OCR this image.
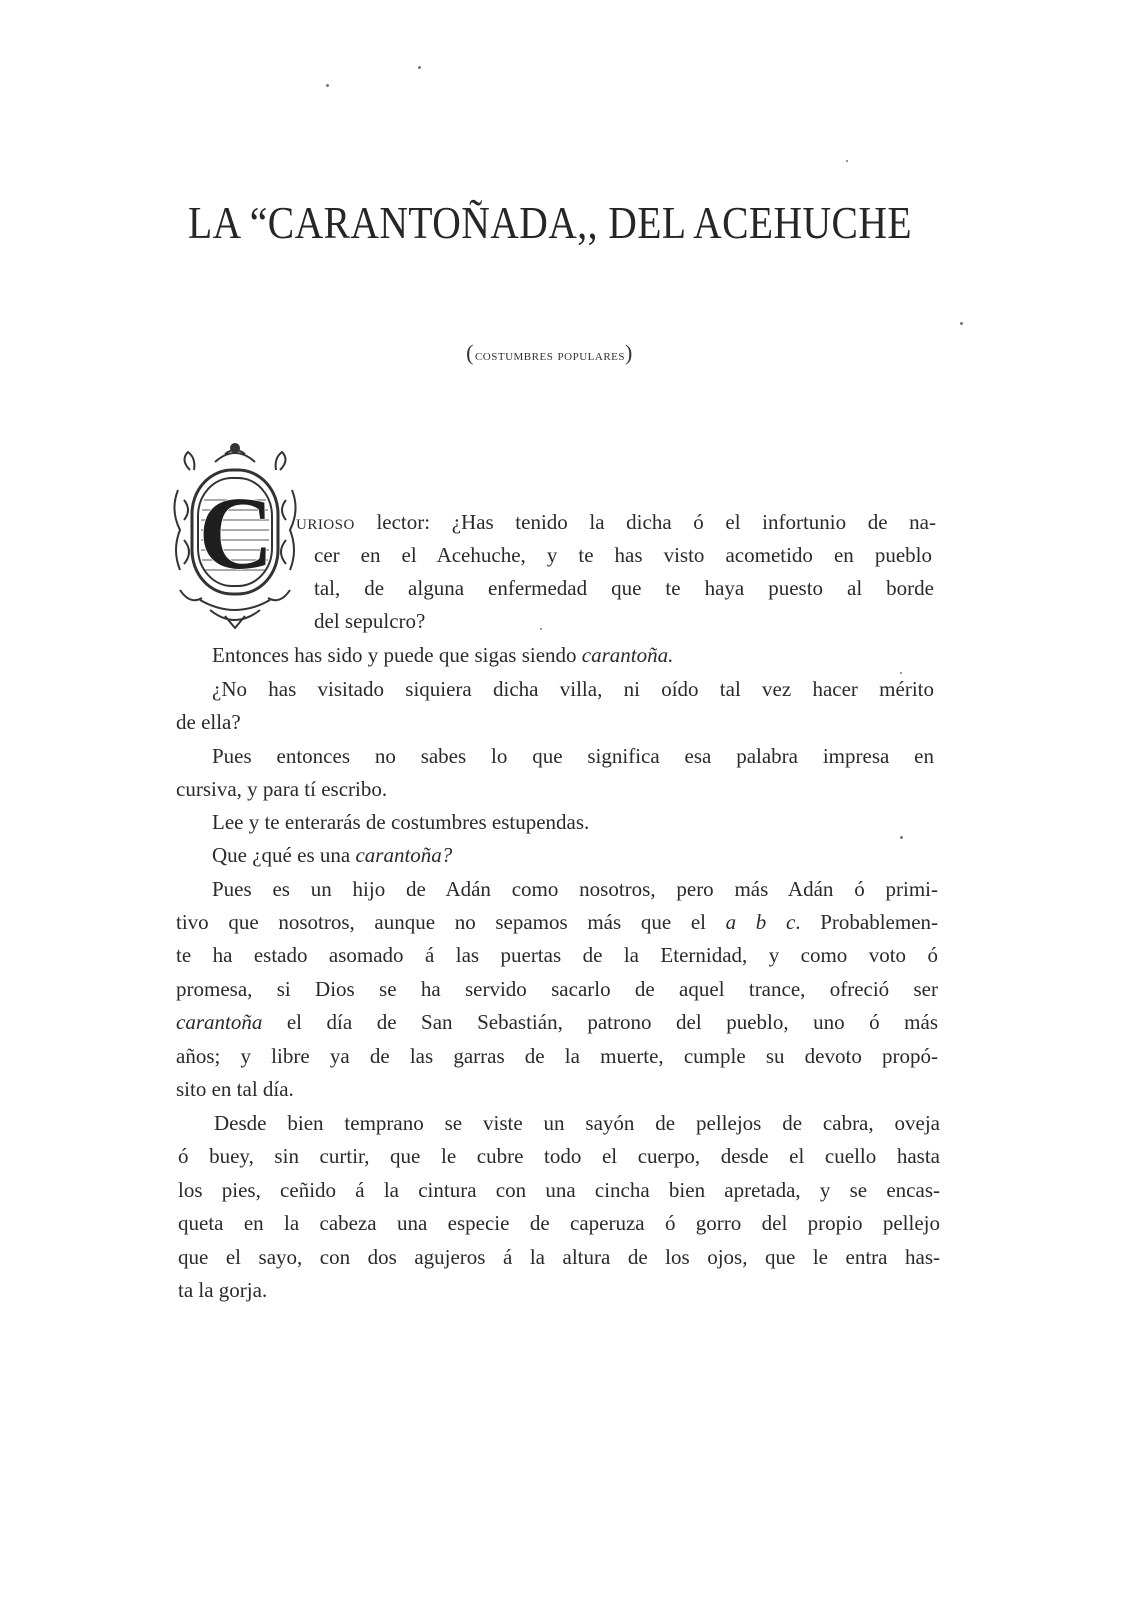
LA “CARANTOÑADA,, DEL ACEHUCHE
(costumbres populares)
C urioso lector: ¿Has tenido la dicha ó el infortunio de na-
cer en el Acehuche, y te has visto acometido en pueblo
tal, de alguna enfermedad que te haya puesto al borde
del sepulcro?
Entonces has sido y puede que sigas siendo carantoña.
¿No has visitado siquiera dicha villa, ni oído tal vez hacer mérito
de ella?
Pues entonces no sabes lo que significa esa palabra impresa en
cursiva, y para tí escribo.
Lee y te enterarás de costumbres estupendas.
Que ¿qué es una carantoña?
Pues es un hijo de Adán como nosotros, pero más Adán ó primi-
tivo que nosotros, aunque no sepamos más que el a b c. Probablemen-
te ha estado asomado á las puertas de la Eternidad, y como voto ó
promesa, si Dios se ha servido sacarlo de aquel trance, ofreció ser
carantoña el día de San Sebastián, patrono del pueblo, uno ó más
años; y libre ya de las garras de la muerte, cumple su devoto propó-
sito en tal día.
Desde bien temprano se viste un sayón de pellejos de cabra, oveja
ó buey, sin curtir, que le cubre todo el cuerpo, desde el cuello hasta
los pies, ceñido á la cintura con una cincha bien apretada, y se encas-
queta en la cabeza una especie de caperuza ó gorro del propio pellejo
que el sayo, con dos agujeros á la altura de los ojos, que le entra has-
ta la gorja.
